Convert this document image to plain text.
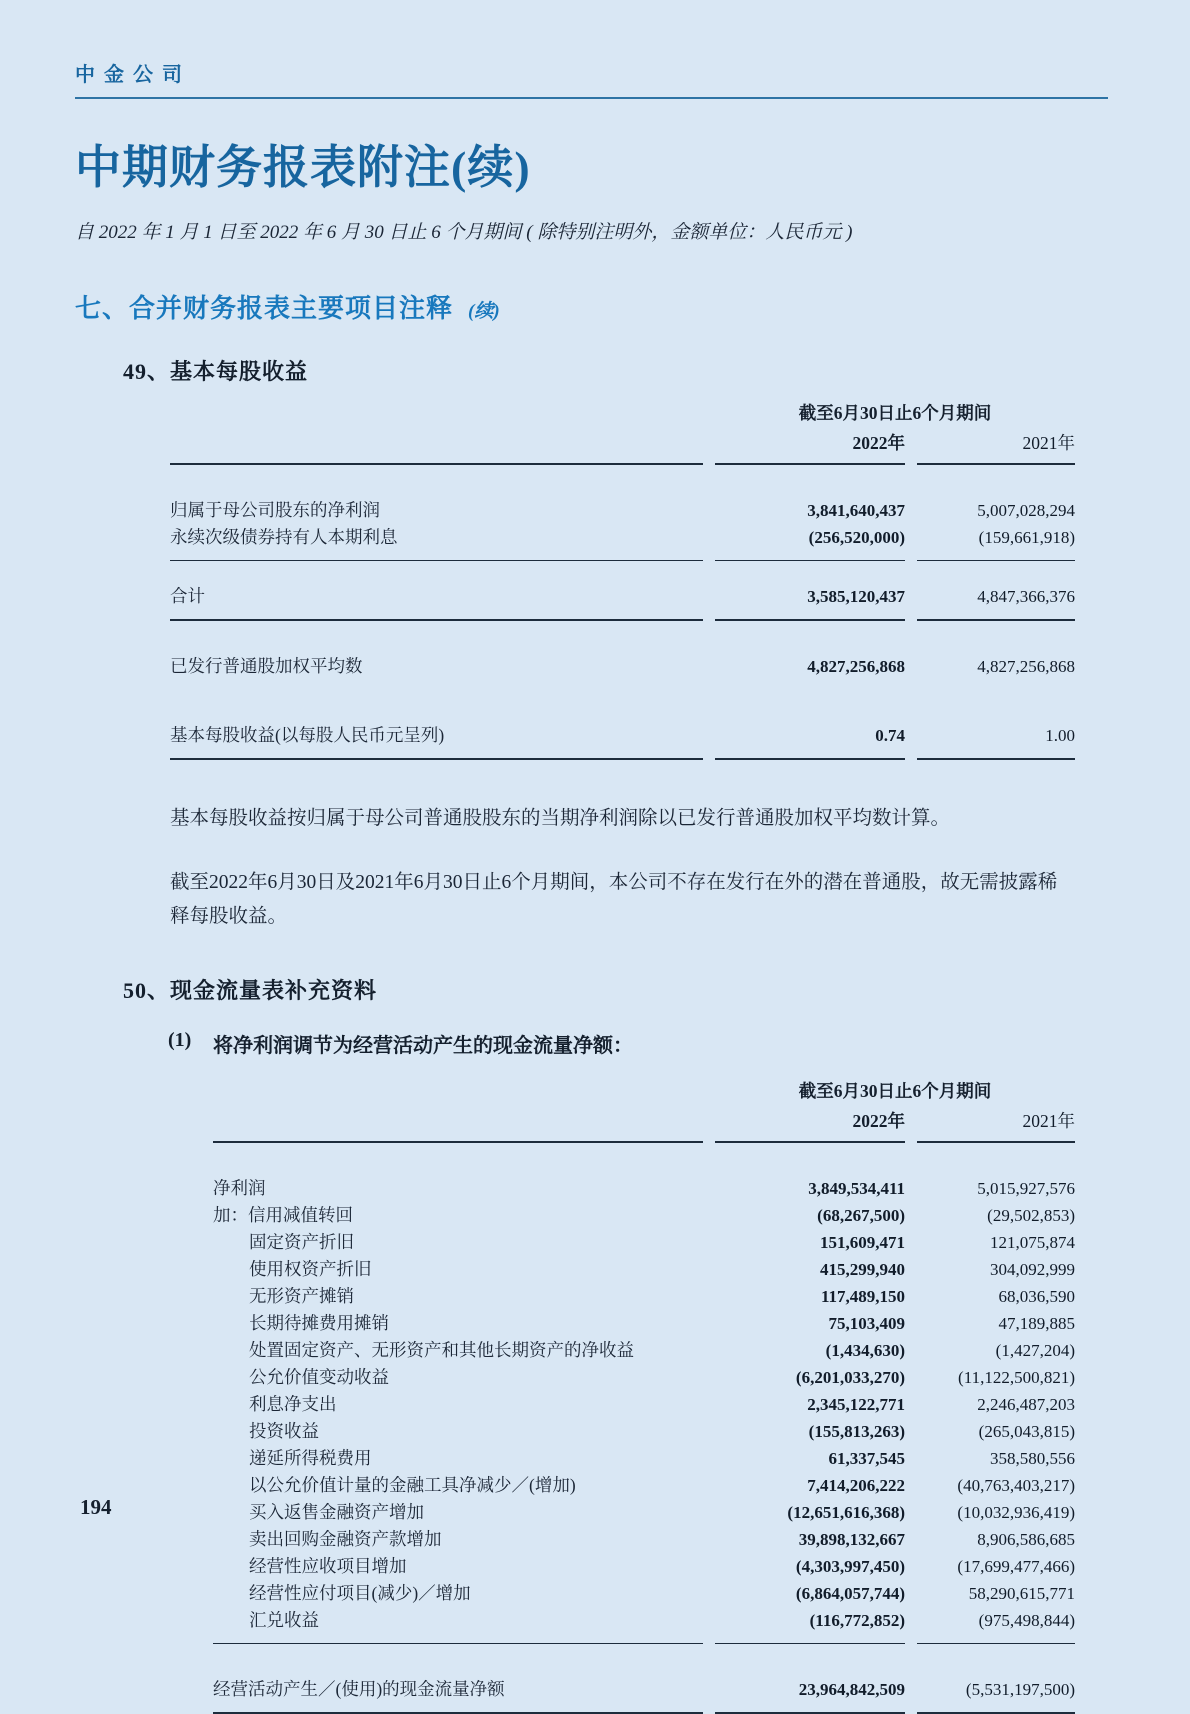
中金公司
中期财务报表附注(续)
自 2022 年 1 月 1 日至 2022 年 6 月 30 日止 6 个月期间 ( 除特别注明外，金额单位：人民币元 )
七、合并财务报表主要项目注释 (续)
49、基本每股收益
	截至6月30日止6个月期间	
	2022年	2021年
归属于母公司股东的净利润	3,841,640,437	5,007,028,294
永续次级债券持有人本期利息	(256,520,000)	(159,661,918)
合计	3,585,120,437	4,847,366,376
已发行普通股加权平均数	4,827,256,868	4,827,256,868
基本每股收益(以每股人民币元呈列)	0.74	1.00

基本每股收益按归属于母公司普通股股东的当期净利润除以已发行普通股加权平均数计算。

截至2022年6月30日及2021年6月30日止6个月期间，本公司不存在发行在外的潜在普通股，故无需披露稀释每股收益。

50、现金流量表补充资料
(1)	将净利润调节为经营活动产生的现金流量净额：
	截至6月30日止6个月期间	
	2022年	2021年
净利润	3,849,534,411	5,015,927,576
加：信用减值转回	(68,267,500)	(29,502,853)
固定资产折旧	151,609,471	121,075,874
使用权资产折旧	415,299,940	304,092,999
无形资产摊销	117,489,150	68,036,590
长期待摊费用摊销	75,103,409	47,189,885
处置固定资产、无形资产和其他长期资产的净收益	(1,434,630)	(1,427,204)
公允价值变动收益	(6,201,033,270)	(11,122,500,821)
利息净支出	2,345,122,771	2,246,487,203
投资收益	(155,813,263)	(265,043,815)
递延所得税费用	61,337,545	358,580,556
以公允价值计量的金融工具净减少／(增加)	7,414,206,222	(40,763,403,217)
买入返售金融资产增加	(12,651,616,368)	(10,032,936,419)
卖出回购金融资产款增加	39,898,132,667	8,906,586,685
经营性应收项目增加	(4,303,997,450)	(17,699,477,466)
经营性应付项目(减少)／增加	(6,864,057,744)	58,290,615,771
汇兑收益	(116,772,852)	(975,498,844)
经营活动产生／(使用)的现金流量净额	23,964,842,509	(5,531,197,500)
194
